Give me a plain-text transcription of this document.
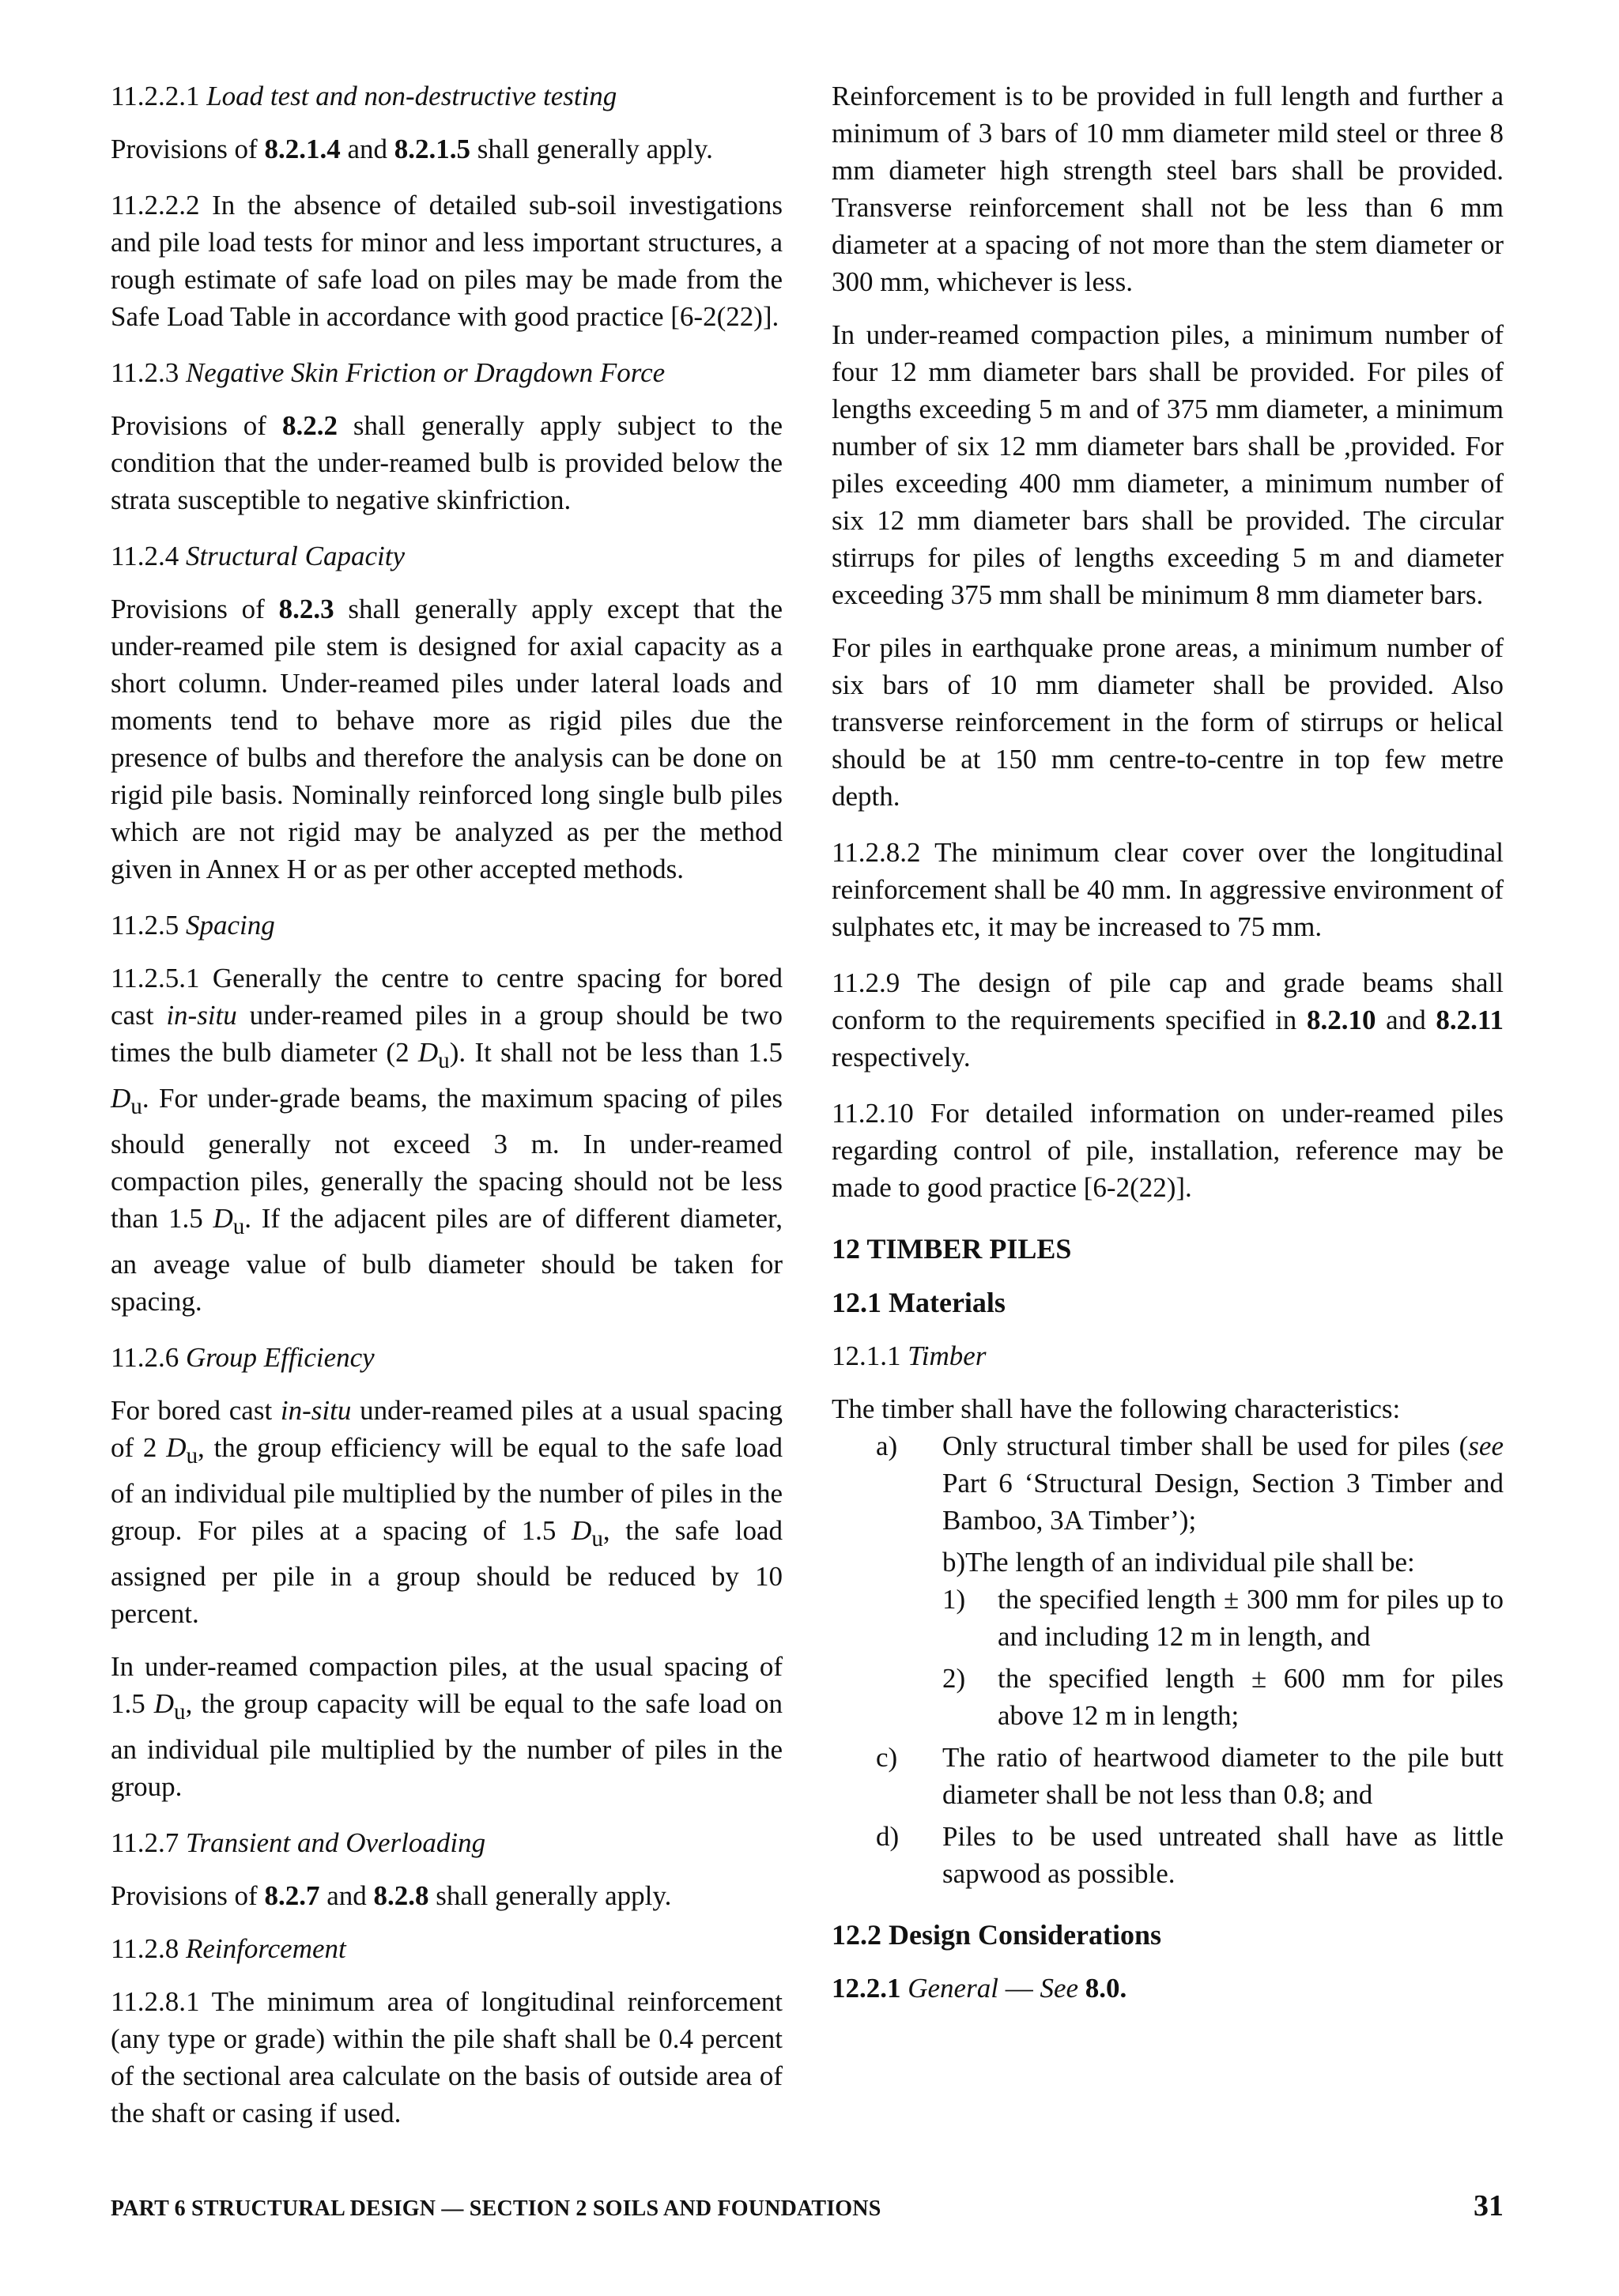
11.2.2.1 Load test and non-destructive testing

Provisions of 8.2.1.4 and 8.2.1.5 shall generally apply.

11.2.2.2 In the absence of detailed sub-soil investigations and pile load tests for minor and less important structures, a rough estimate of safe load on piles may be made from the Safe Load Table in accordance with good practice [6-2(22)].

11.2.3 Negative Skin Friction or Dragdown Force

Provisions of 8.2.2 shall generally apply subject to the condition that the under-reamed bulb is provided below the strata susceptible to negative skinfriction.

11.2.4 Structural Capacity

Provisions of 8.2.3 shall generally apply except that the under-reamed pile stem is designed for axial capacity as a short column. Under-reamed piles under lateral loads and moments tend to behave more as rigid piles due the presence of bulbs and therefore the analysis can be done on rigid pile basis. Nominally reinforced long single bulb piles which are not rigid may be analyzed as per the method given in Annex H or as per other accepted methods.

11.2.5 Spacing

11.2.5.1 Generally the centre to centre spacing for bored cast in-situ under-reamed piles in a group should be two times the bulb diameter (2 $D_u$). It shall not be less than 1.5 $D_u$. For under-grade beams, the maximum spacing of piles should generally not exceed 3 m. In under-reamed compaction piles, generally the spacing should not be less than 1.5 $D_u$. If the adjacent piles are of different diameter, an aveage value of bulb diameter should be taken for spacing.

11.2.6 Group Efficiency

For bored cast in-situ under-reamed piles at a usual spacing of 2 $D_u$, the group efficiency will be equal to the safe load of an individual pile multiplied by the number of piles in the group. For piles at a spacing of 1.5 $D_u$, the safe load assigned per pile in a group should be reduced by 10 percent.

In under-reamed compaction piles, at the usual spacing of 1.5 $D_u$, the group capacity will be equal to the safe load on an individual pile multiplied by the number of piles in the group.

11.2.7 Transient and Overloading

Provisions of 8.2.7 and 8.2.8 shall generally apply.

11.2.8 Reinforcement

11.2.8.1 The minimum area of longitudinal reinforcement (any type or grade) within the pile shaft shall be 0.4 percent of the sectional area calculate on the basis of outside area of the shaft or casing if used.

Reinforcement is to be provided in full length and further a minimum of 3 bars of 10 mm diameter mild steel or three 8 mm diameter high strength steel bars shall be provided. Transverse reinforcement shall not be less than 6 mm diameter at a spacing of not more than the stem diameter or 300 mm, whichever is less.

In under-reamed compaction piles, a minimum number of four 12 mm diameter bars shall be provided. For piles of lengths exceeding 5 m and of 375 mm diameter, a minimum number of six 12 mm diameter bars shall be ,provided. For piles exceeding 400 mm diameter, a minimum number of six 12 mm diameter bars shall be provided. The circular stirrups for piles of lengths exceeding 5 m and diameter exceeding 375 mm shall be minimum 8 mm diameter bars.

For piles in earthquake prone areas, a minimum number of six bars of 10 mm diameter shall be provided. Also transverse reinforcement in the form of stirrups or helical should be at 150 mm centre-to-centre in top few metre depth.

11.2.8.2 The minimum clear cover over the longitudinal reinforcement shall be 40 mm. In aggressive environment of sulphates etc, it may be increased to 75 mm.

11.2.9 The design of pile cap and grade beams shall conform to the requirements specified in 8.2.10 and 8.2.11 respectively.

11.2.10 For detailed information on under-reamed piles regarding control of pile, installation, reference may be made to good practice [6-2(22)].

12 TIMBER PILES

12.1 Materials

12.1.1 Timber

The timber shall have the following characteristics:

a) Only structural timber shall be used for piles (see Part 6 ‘Structural Design, Section 3 Timber and Bamboo, 3A Timber’);

b)The length of an individual pile shall be:

1) the specified length ± 300 mm for piles up to and including 12 m in length, and

2) the specified length ± 600 mm for piles above 12 m in length;

c) The ratio of heartwood diameter to the pile butt diameter shall be not less than 0.8; and

d) Piles to be used untreated shall have as little sapwood as possible.

12.2 Design Considerations

12.2.1 General — See 8.0.

PART 6 STRUCTURAL DESIGN — SECTION 2 SOILS AND FOUNDATIONS	31
